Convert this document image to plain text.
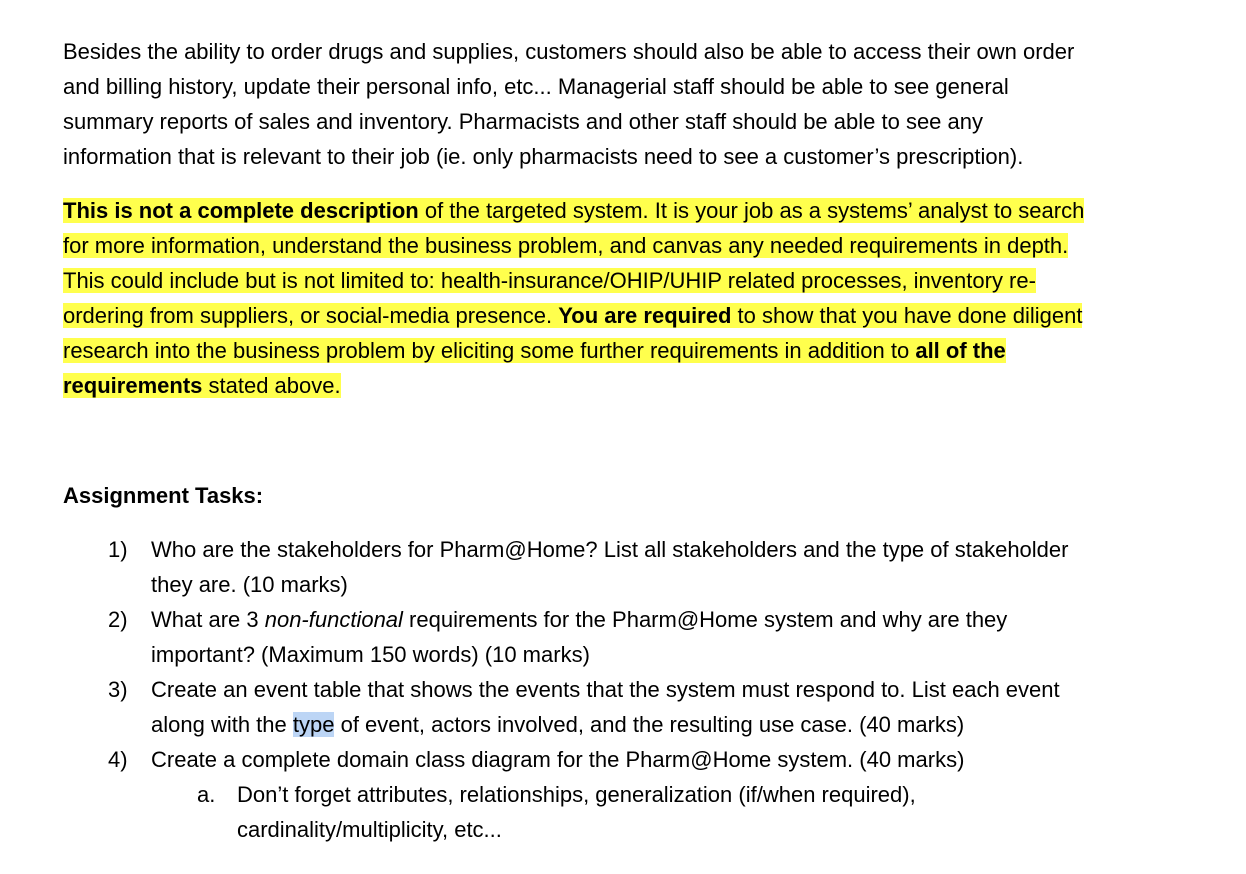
Besides the ability to order drugs and supplies, customers should also be able to access their own order
and billing history, update their personal info, etc... Managerial staff should be able to see general
summary reports of sales and inventory. Pharmacists and other staff should be able to see any
information that is relevant to their job (ie. only pharmacists need to see a customer’s prescription).

This is not a complete description of the targeted system. It is your job as a systems’ analyst to search
for more information, understand the business problem, and canvas any needed requirements in depth.
This could include but is not limited to: health-insurance/OHIP/UHIP related processes, inventory re-
ordering from suppliers, or social-media presence. You are required to show that you have done diligent
research into the business problem by eliciting some further requirements in addition to all of the
requirements stated above.

Assignment Tasks:

1)	Who are the stakeholders for Pharm@Home? List all stakeholders and the type of stakeholder
they are. (10 marks)
2)	What are 3 non-functional requirements for the Pharm@Home system and why are they
important? (Maximum 150 words) (10 marks)
3)	Create an event table that shows the events that the system must respond to. List each event
along with the type of event, actors involved, and the resulting use case. (40 marks)
4)	Create a complete domain class diagram for the Pharm@Home system. (40 marks)
a. Don’t forget attributes, relationships, generalization (if/when required),
cardinality/multiplicity, etc...
